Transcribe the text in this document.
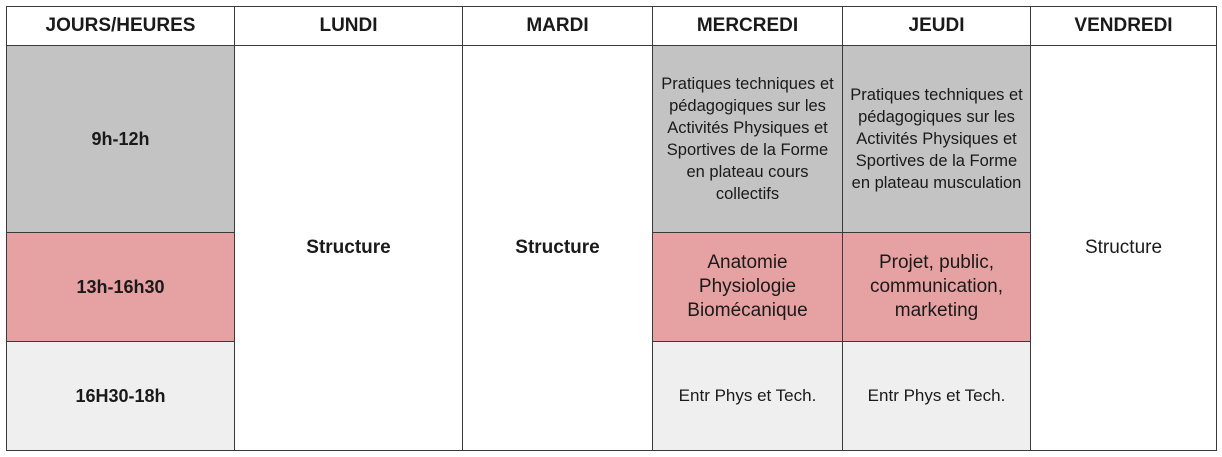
JOURS/HEURES	LUNDI	MARDI	MERCREDI	JEUDI	VENDREDI
9h-12h	Structure	Structure	Pratiques techniques et pédagogiques sur les Activités Physiques et Sportives de la Forme en plateau cours collectifs	Pratiques techniques et pédagogiques sur les Activités Physiques et Sportives de la Forme en plateau musculation	Structure
13h-16h30			Anatomie Physiologie Biomécanique	Projet, public, communication, marketing	
16H30-18h			Entr Phys et Tech.	Entr Phys et Tech.	
